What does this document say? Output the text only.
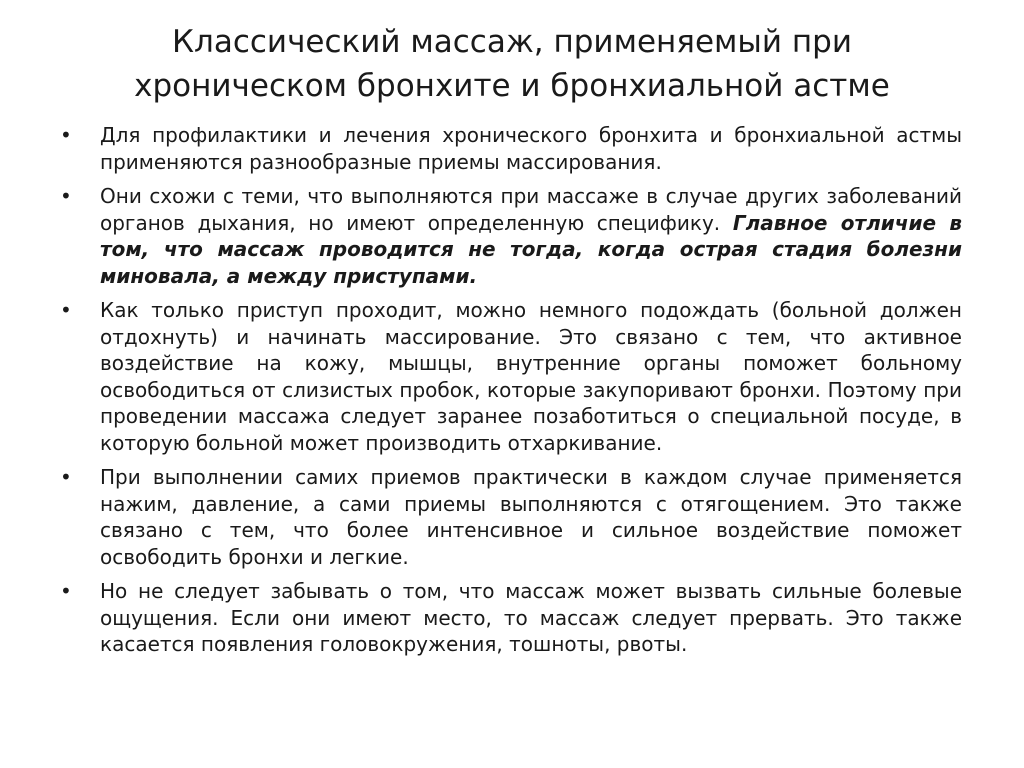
Классический массаж, применяемый при
хроническом бронхите и бронхиальной астме
•	Для профилактики и лечения хронического бронхита и бронхиальной астмы применяются разнообразные приемы массирования.
•	Они схожи с теми, что выполняются при массаже в случае других заболеваний органов дыхания, но имеют определенную специфику. Главное отличие в том, что массаж проводится не тогда, когда острая стадия болезни миновала, а между приступами.
•	Как только приступ проходит, можно немного подождать (больной должен отдохнуть) и начинать массирование. Это связано с тем, что активное воздействие на кожу, мышцы, внутренние органы поможет больному освободиться от слизистых пробок, которые закупоривают бронхи. Поэтому при проведении массажа следует заранее позаботиться о специальной посуде, в которую больной может производить отхаркивание.
•	При выполнении самих приемов практически в каждом случае применяется нажим, давление, а сами приемы выполняются с отягощением. Это также связано с тем, что более интенсивное и сильное воздействие поможет освободить бронхи и легкие.
•	Но не следует забывать о том, что массаж может вызвать сильные болевые ощущения. Если они имеют место, то массаж следует прервать. Это также касается появления головокружения, тошноты, рвоты.
